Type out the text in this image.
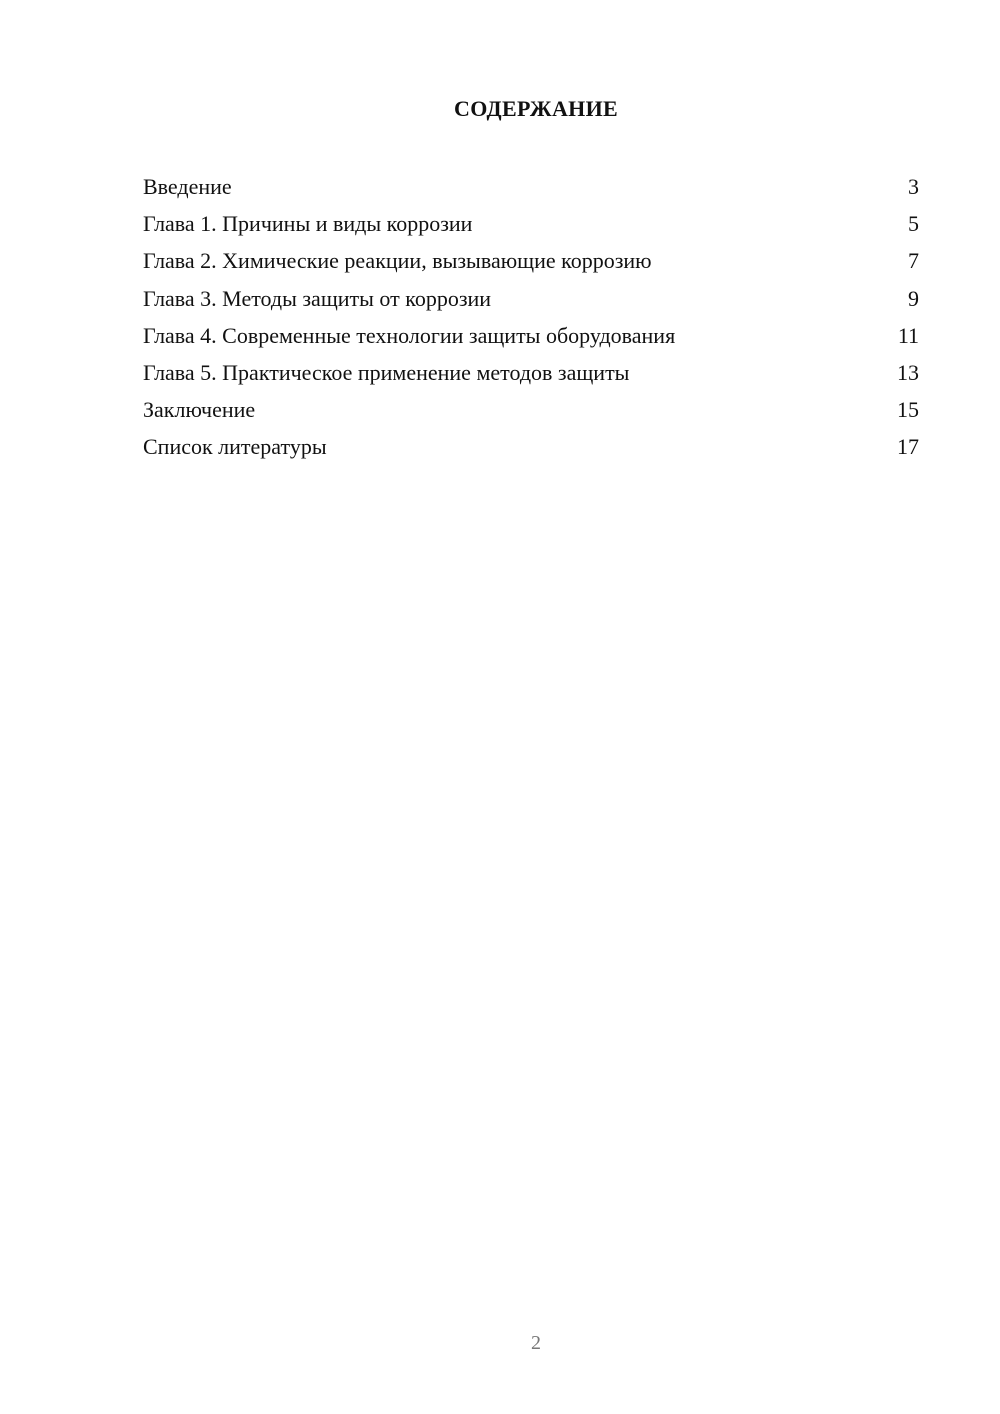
СОДЕРЖАНИЕ
Введение	3
Глава 1. Причины и виды коррозии	5
Глава 2. Химические реакции, вызывающие коррозию	7
Глава 3. Методы защиты от коррозии	9
Глава 4. Современные технологии защиты оборудования	11
Глава 5. Практическое применение методов защиты	13
Заключение	15
Список литературы	17
2
